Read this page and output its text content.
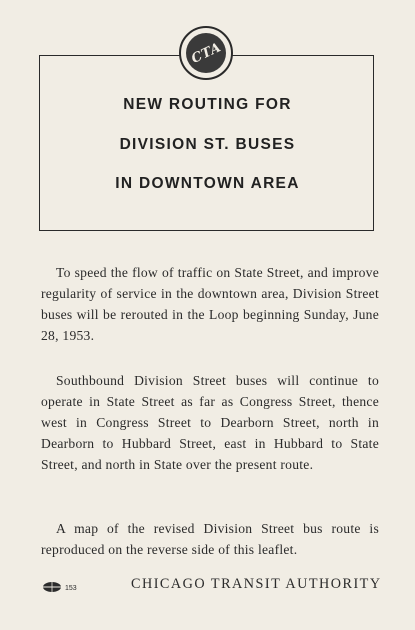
CTA
NEW ROUTING FOR
DIVISION ST. BUSES
IN DOWNTOWN AREA

To speed the flow of traffic on State Street, and improve regularity of service in the downtown area, Division Street buses will be rerouted in the Loop beginning Sunday, June 28, 1953.

Southbound Division Street buses will continue to operate in State Street as far as Congress Street, thence west in Congress Street to Dearborn Street, north in Dearborn to Hubbard Street, east in Hubbard to State Street, and north in State over the present route.

A map of the revised Division Street bus route is reproduced on the reverse side of this leaflet.

153	CHICAGO TRANSIT AUTHORITY
